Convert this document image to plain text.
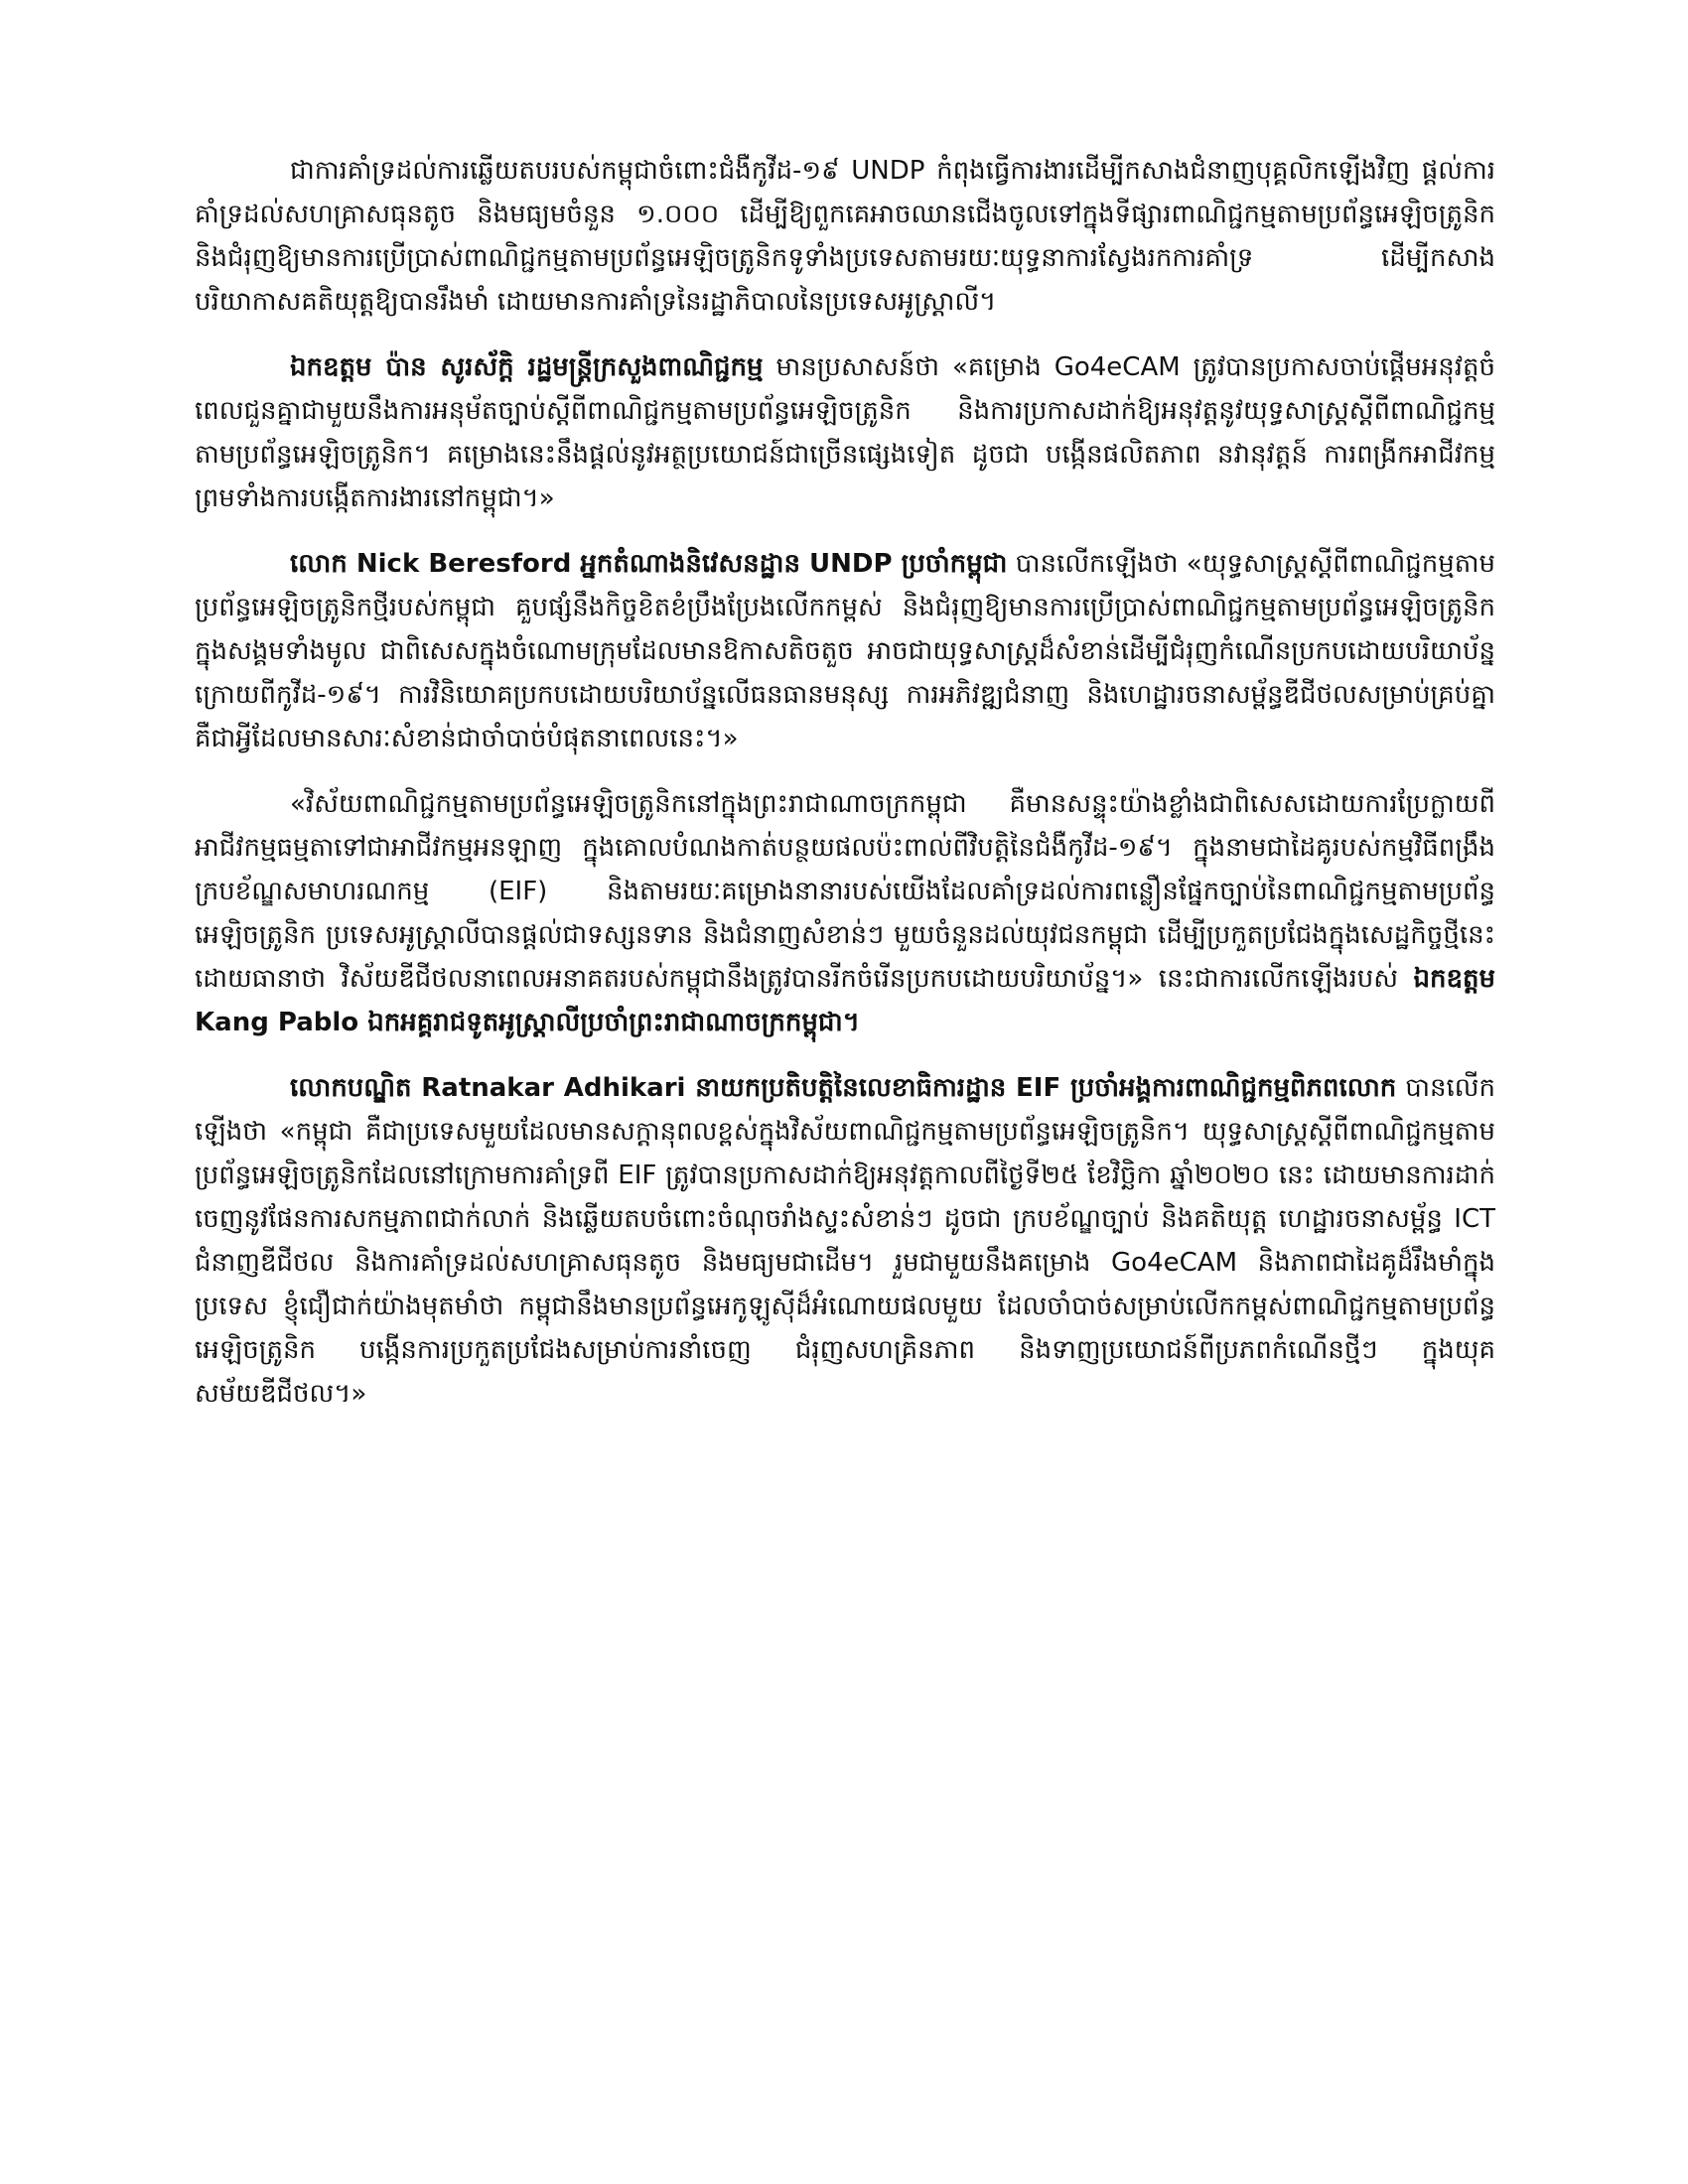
ជាការគាំទ្រដល់ការឆ្លើយតបរបស់កម្ពុជាចំពោះជំងឺកូវីដ-១៩ UNDP កំពុងធ្វើការងារដើម្បីកសាងជំនាញបុគ្គលិកឡើងវិញ ផ្តល់ការគាំទ្រដល់សហគ្រាសធុនតូច និងមធ្យមចំនួន ១.០០០ ដើម្បីឱ្យពួកគេអាចឈានជើងចូលទៅក្នុងទីផ្សារពាណិជ្ជកម្មតាមប្រព័ន្ធអេឡិចត្រូនិក និងជំរុញឱ្យមានការប្រើប្រាស់ពាណិជ្ជកម្មតាមប្រព័ន្ធអេឡិចត្រូនិកទូទាំងប្រទេសតាមរយៈយុទ្ធនាការស្វែងរកការគាំទ្រ ដើម្បីកសាងបរិយាកាសគតិយុត្តឱ្យបានរឹងមាំ ដោយមានការគាំទ្រនៃរដ្ឋាភិបាលនៃប្រទេសអូស្ត្រាលី។

ឯកឧត្តម ប៉ាន សូរស័ក្តិ រដ្ឋមន្ត្រីក្រសួងពាណិជ្ជកម្ម មានប្រសាសន៍ថា «គម្រោង Go4eCAM ត្រូវបានប្រកាសចាប់ផ្តើមអនុវត្តចំពេលជួនគ្នាជាមួយនឹងការអនុម័តច្បាប់ស្តីពីពាណិជ្ជកម្មតាមប្រព័ន្ធអេឡិចត្រូនិក និងការប្រកាសដាក់ឱ្យអនុវត្តនូវយុទ្ធសាស្ត្រស្តីពីពាណិជ្ជកម្មតាមប្រព័ន្ធអេឡិចត្រូនិក។ គម្រោងនេះនឹងផ្តល់នូវអត្ថប្រយោជន៍ជាច្រើនផ្សេងទៀត ដូចជា បង្កើនផលិតភាព នវានុវត្តន៍ ការពង្រីកអាជីវកម្ម ព្រមទាំងការបង្កើតការងារនៅកម្ពុជា។»

លោក Nick Beresford អ្នកតំណាងនិវេសនដ្ឋាន UNDP ប្រចាំកម្ពុជា បានលើកឡើងថា «យុទ្ធសាស្ត្រស្តីពីពាណិជ្ជកម្មតាមប្រព័ន្ធអេឡិចត្រូនិកថ្មីរបស់កម្ពុជា គួបផ្សំនឹងកិច្ចខិតខំប្រឹងប្រែងលើកកម្ពស់ និងជំរុញឱ្យមានការប្រើប្រាស់ពាណិជ្ជកម្មតាមប្រព័ន្ធអេឡិចត្រូនិកក្នុងសង្គមទាំងមូល ជាពិសេសក្នុងចំណោមក្រុមដែលមានឱកាសតិចតួច អាចជាយុទ្ធសាស្ត្រដ៏សំខាន់ដើម្បីជំរុញកំណើនប្រកបដោយបរិយាប័ន្នក្រោយពីកូវីដ-១៩។ ការវិនិយោគប្រកបដោយបរិយាប័ន្នលើធនធានមនុស្ស ការអភិវឌ្ឍជំនាញ និងហេដ្ឋារចនាសម្ព័ន្ធឌីជីថលសម្រាប់គ្រប់គ្នា គឺជាអ្វីដែលមានសារៈសំខាន់ជាចាំបាច់បំផុតនាពេលនេះ។»

«វិស័យពាណិជ្ជកម្មតាមប្រព័ន្ធអេឡិចត្រូនិកនៅក្នុងព្រះរាជាណាចក្រកម្ពុជា គឺមានសន្ទុះយ៉ាងខ្លាំងជាពិសេសដោយការប្រែក្លាយពីអាជីវកម្មធម្មតាទៅជាអាជីវកម្មអនឡាញ ក្នុងគោលបំណងកាត់បន្ថយផលប៉ះពាល់ពីវិបត្តិនៃជំងឺកូវីដ-១៩។ ក្នុងនាមជាដៃគូរបស់កម្មវិធីពង្រឹងក្របខ័ណ្ឌសមាហរណកម្ម (EIF) និងតាមរយៈគម្រោងនានារបស់យើងដែលគាំទ្រដល់ការពន្លឿនផ្នែកច្បាប់នៃពាណិជ្ជកម្មតាមប្រព័ន្ធអេឡិចត្រូនិក ប្រទេសអូស្ត្រាលីបានផ្តល់ជាទស្សនទាន និងជំនាញសំខាន់ៗ មួយចំនួនដល់យុវជនកម្ពុជា ដើម្បីប្រកួតប្រជែងក្នុងសេដ្ឋកិច្ចថ្មីនេះ ដោយធានាថា វិស័យឌីជីថលនាពេលអនាគតរបស់កម្ពុជានឹងត្រូវបានរីកចំរើនប្រកបដោយបរិយាប័ន្ន។» នេះជាការលើកឡើងរបស់ ឯកឧត្តម Kang Pablo ឯកអគ្គរាជទូតអូស្ត្រាលីប្រចាំព្រះរាជាណាចក្រកម្ពុជា។

លោកបណ្ឌិត Ratnakar Adhikari នាយកប្រតិបត្តិនៃលេខាធិការដ្ឋាន EIF ប្រចាំអង្គការពាណិជ្ជកម្មពិភពលោក បានលើកឡើងថា «កម្ពុជា គឺជាប្រទេសមួយដែលមានសក្តានុពលខ្ពស់ក្នុងវិស័យពាណិជ្ជកម្មតាមប្រព័ន្ធអេឡិចត្រូនិក។ យុទ្ធសាស្ត្រស្តីពីពាណិជ្ជកម្មតាមប្រព័ន្ធអេឡិចត្រូនិកដែលនៅក្រោមការគាំទ្រពី EIF ត្រូវបានប្រកាសដាក់ឱ្យអនុវត្តកាលពីថ្ងៃទី២៥ ខែវិច្ឆិកា ឆ្នាំ២០២០ នេះ ដោយមានការដាក់ចេញនូវផែនការសកម្មភាពជាក់លាក់ និងឆ្លើយតបចំពោះចំណុចរាំងស្ទះសំខាន់ៗ ដូចជា ក្របខ័ណ្ឌច្បាប់ និងគតិយុត្ត ហេដ្ឋារចនាសម្ព័ន្ធ ICT ជំនាញឌីជីថល និងការគាំទ្រដល់សហគ្រាសធុនតូច និងមធ្យមជាដើម។ រួមជាមួយនឹងគម្រោង Go4eCAM និងភាពជាដៃគូដ៏រឹងមាំក្នុងប្រទេស ខ្ញុំជឿជាក់យ៉ាងមុតមាំថា កម្ពុជានឹងមានប្រព័ន្ធអេកូឡូស៊ីដ៏អំណោយផលមួយ ដែលចាំបាច់សម្រាប់លើកកម្ពស់ពាណិជ្ជកម្មតាមប្រព័ន្ធអេឡិចត្រូនិក បង្កើនការប្រកួតប្រជែងសម្រាប់ការនាំចេញ ជំរុញសហគ្រិនភាព និងទាញប្រយោជន៍ពីប្រភពកំណើនថ្មីៗ ក្នុងយុគសម័យឌីជីថល។»
